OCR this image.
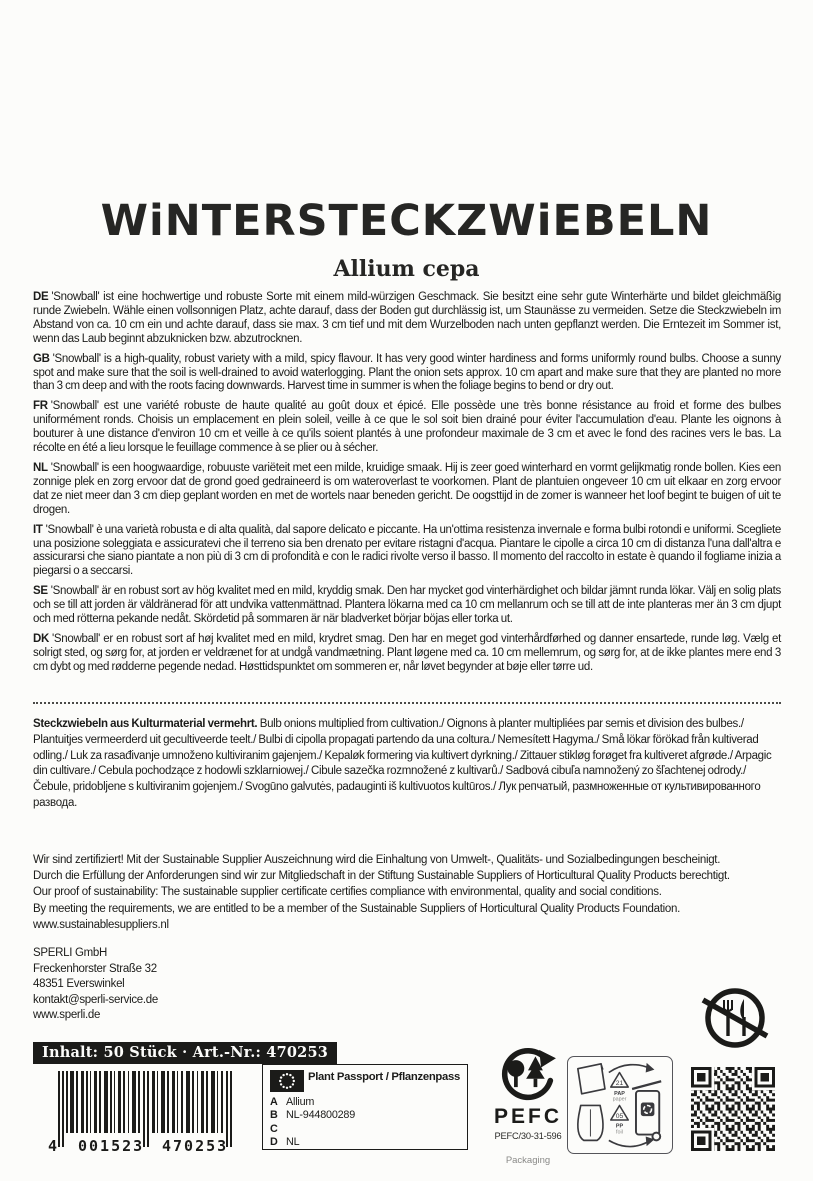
WiNTERSTECKZWiEBELN
Allium cepa

DE 'Snowball' ist eine hochwertige und robuste Sorte mit einem mild-würzigen Geschmack. Sie besitzt eine sehr gute Winterhärte und bildet gleichmäßig runde Zwiebeln. Wähle einen vollsonnigen Platz, achte darauf, dass der Boden gut durchlässig ist, um Staunässe zu vermeiden. Setze die Steckzwiebeln im Abstand von ca. 10 cm ein und achte darauf, dass sie max. 3 cm tief und mit dem Wurzelboden nach unten gepflanzt werden. Die Erntezeit im Sommer ist, wenn das Laub beginnt abzuknicken bzw. abzutrocknen.

GB 'Snowball' is a high-quality, robust variety with a mild, spicy flavour. It has very good winter hardiness and forms uniformly round bulbs. Choose a sunny spot and make sure that the soil is well-drained to avoid waterlogging. Plant the onion sets approx. 10 cm apart and make sure that they are planted no more than 3 cm deep and with the roots facing downwards. Harvest time in summer is when the foliage begins to bend or dry out.

FR 'Snowball' est une variété robuste de haute qualité au goût doux et épicé. Elle possède une très bonne résistance au froid et forme des bulbes uniformément ronds. Choisis un emplacement en plein soleil, veille à ce que le sol soit bien drainé pour éviter l'accumulation d'eau. Plante les oignons à bouturer à une distance d'environ 10 cm et veille à ce qu'ils soient plantés à une profondeur maximale de 3 cm et avec le fond des racines vers le bas. La récolte en été a lieu lorsque le feuillage commence à se plier ou à sécher.

NL 'Snowball' is een hoogwaardige, robuuste variëteit met een milde, kruidige smaak. Hij is zeer goed winterhard en vormt gelijkmatig ronde bollen. Kies een zonnige plek en zorg ervoor dat de grond goed gedraineerd is om wateroverlast te voorkomen. Plant de plantuien ongeveer 10 cm uit elkaar en zorg ervoor dat ze niet meer dan 3 cm diep geplant worden en met de wortels naar beneden gericht. De oogsttijd in de zomer is wanneer het loof begint te buigen of uit te drogen.

IT 'Snowball' è una varietà robusta e di alta qualità, dal sapore delicato e piccante. Ha un'ottima resistenza invernale e forma bulbi rotondi e uniformi. Scegliete una posizione soleggiata e assicuratevi che il terreno sia ben drenato per evitare ristagni d'acqua. Piantare le cipolle a circa 10 cm di distanza l'una dall'altra e assicurarsi che siano piantate a non più di 3 cm di profondità e con le radici rivolte verso il basso. Il momento del raccolto in estate è quando il fogliame inizia a piegarsi o a seccarsi.

SE 'Snowball' är en robust sort av hög kvalitet med en mild, kryddig smak. Den har mycket god vinterhärdighet och bildar jämnt runda lökar. Välj en solig plats och se till att jorden är väldränerad för att undvika vattenmättnad. Plantera lökarna med ca 10 cm mellanrum och se till att de inte planteras mer än 3 cm djupt och med rötterna pekande nedåt. Skördetid på sommaren är när bladverket börjar böjas eller torka ut.

DK 'Snowball' er en robust sort af høj kvalitet med en mild, krydret smag. Den har en meget god vinterhårdførhed og danner ensartede, runde løg. Vælg et solrigt sted, og sørg for, at jorden er veldrænet for at undgå vandmætning. Plant løgene med ca. 10 cm mellemrum, og sørg for, at de ikke plantes mere end 3 cm dybt og med rødderne pegende nedad. Høsttidspunktet om sommeren er, når løvet begynder at bøje eller tørre ud.

Steckzwiebeln aus Kulturmaterial vermehrt. Bulb onions multiplied from cultivation./ Oignons à planter multipliées par semis et division des bulbes./ Plantuitjes vermeerderd uit gecultiveerde teelt./ Bulbi di cipolla propagati partendo da una coltura./ Nemesített Hagyma./ Små lökar förökad från kultiverad odling./ Luk za rasađivanje umnoženo kultiviranim gajenjem./ Kepaløk formering via kultivert dyrkning./ Zittauer stikløg forøget fra kultiveret afgrøde./ Arpagic din cultivare./ Cebula pochodzące z hodowli szklarniowej./ Cibule sazečka rozmnožené z kultivarů./ Sadbová cibuľa namnožený zo šľachtenej odrody./ Čebule, pridobljene s kultiviranim gojenjem./ Svogūno galvutės, padauginti iš kultivuotos kultūros./ Лук репчатый, размноженные от культивированного развода.
Wir sind zertifiziert! Mit der Sustainable Supplier Auszeichnung wird die Einhaltung von Umwelt-, Qualitäts- und Sozialbedingungen bescheinigt.
Durch die Erfüllung der Anforderungen sind wir zur Mitgliedschaft in der Stiftung Sustainable Suppliers of Horticultural Quality Products berechtigt.
Our proof of sustainability: The sustainable supplier certificate certifies compliance with environmental, quality and social conditions.
By meeting the requirements, we are entitled to be a member of the Sustainable Suppliers of Horticultural Quality Products Foundation.
www.sustainablesuppliers.nl
SPERLI GmbH
Freckenhorster Straße 32
48351 Everswinkel
kontakt@sperli-service.de
www.sperli.de
Inhalt: 50 Stück · Art.-Nr.: 470253
4 001523 470253
Plant Passport / Pflanzenpass
A Allium
B NL-944800289
C
D NL
PEFC
PEFC/30-31-596
Packaging
21
PAP
paper
05
PP
foil
